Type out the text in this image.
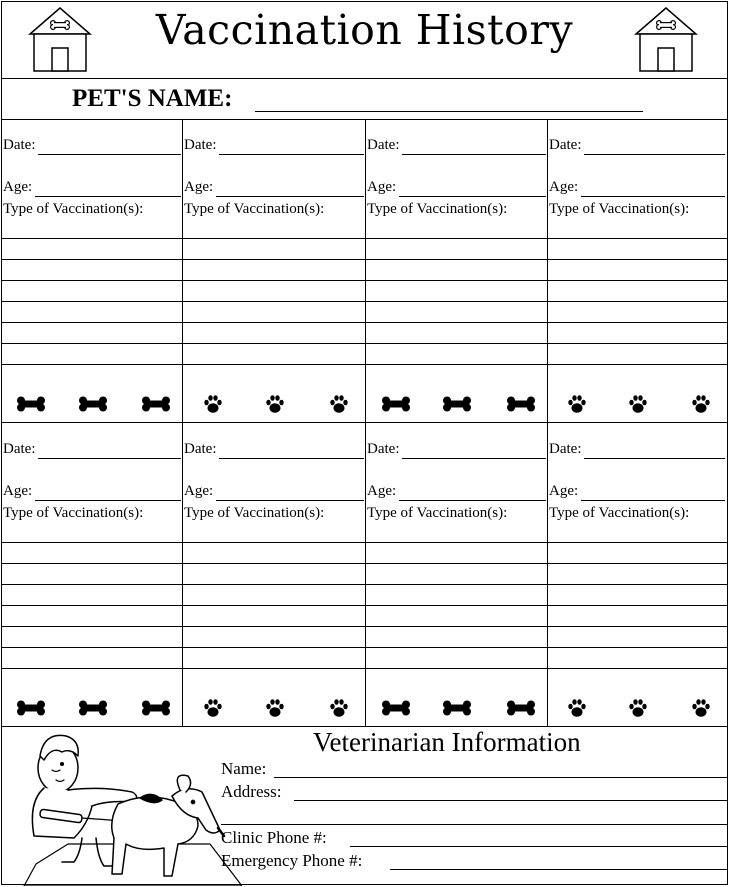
Vaccination History
PET'S NAME:
Date:
Age:
Type of Vaccination(s):
Date:
Age:
Type of Vaccination(s):
Date:
Age:
Type of Vaccination(s):
Date:
Age:
Type of Vaccination(s):
Date:
Age:
Type of Vaccination(s):
Date:
Age:
Type of Vaccination(s):
Date:
Age:
Type of Vaccination(s):
Date:
Age:
Type of Vaccination(s):
Veterinarian Information
Name:
Address:
Clinic Phone #:
Emergency Phone #:
